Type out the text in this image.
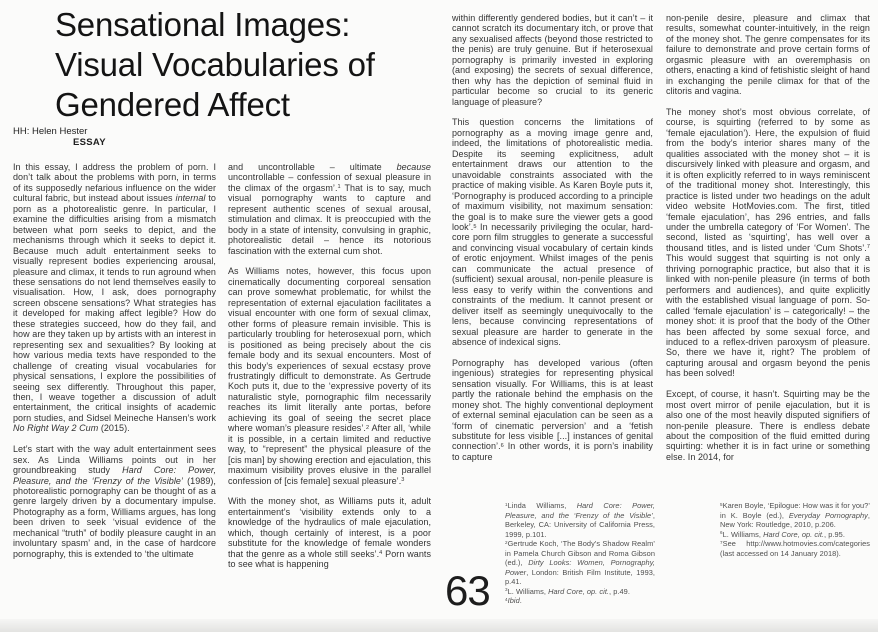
Sensational Images:
Visual Vocabularies of
Gendered Affect
HH: Helen Hester
ESSAY

In this essay, I address the problem of porn. I don’t talk about the problems with porn, in terms of its supposedly nefarious influence on the wider cultural fabric, but instead about issues internal to porn as a photorealistic genre. In particular, I examine the difficulties arising from a mismatch between what porn seeks to depict, and the mechanisms through which it seeks to depict it. Because much adult entertainment seeks to visually represent bodies experiencing arousal, pleasure and climax, it tends to run aground when these sensations do not lend themselves easily to visualisation. How, I ask, does pornography screen obscene sensations? What strategies has it developed for making affect legible? How do these strategies succeed, how do they fail, and how are they taken up by artists with an interest in representing sex and sexualities? By looking at how various media texts have responded to the challenge of creating visual vocabularies for physical sensations, I explore the possibilities of seeing sex differently. Throughout this paper, then, I weave together a discussion of adult entertainment, the critical insights of academic porn studies, and Sidsel Meineche Hansen’s work No Right Way 2 Cum (2015).

Let’s start with the way adult entertainment sees sex. As Linda Williams points out in her groundbreaking study Hard Core: Power, Pleasure, and the ‘Frenzy of the Visible’ (1989), photorealistic pornography can be thought of as a genre largely driven by a documentary impulse. Photography as a form, Williams argues, has long been driven to seek ‘visual evidence of the mechanical “truth” of bodily pleasure caught in an involuntary spasm’ and, in the case of hardcore pornography, this is extended to ‘the ultimate

and uncontrollable – ultimate because uncontrollable – confession of sexual pleasure in the climax of the orgasm’.$^1$ That is to say, much visual pornography wants to capture and represent authentic scenes of sexual arousal, stimulation and climax. It is preoccupied with the body in a state of intensity, convulsing in graphic, photorealistic detail – hence its notorious fascination with the external cum shot.

As Williams notes, however, this focus upon cinematically documenting corporeal sensation can prove somewhat problematic, for whilst the representation of external ejaculation facilitates a visual encounter with one form of sexual climax, other forms of pleasure remain invisible. This is particularly troubling for heterosexual porn, which is positioned as being precisely about the cis female body and its sexual encounters. Most of this body’s experiences of sexual ecstasy prove frustratingly difficult to demonstrate. As Gertrude Koch puts it, due to the ‘expressive poverty of its naturalistic style, pornographic film necessarily reaches its limit literally ante portas, before achieving its goal of seeing the secret place where woman’s pleasure resides’.$^2$ After all, ‘while it is possible, in a certain limited and reductive way, to “represent” the physical pleasure of the [cis man] by showing erection and ejaculation, this maximum visibility proves elusive in the parallel confession of [cis female] sexual pleasure’.$^3$

With the money shot, as Williams puts it, adult entertainment’s ‘visibility extends only to a knowledge of the hydraulics of male ejaculation, which, though certainly of interest, is a poor substitute for the knowledge of female wonders that the genre as a whole still seeks’.$^4$ Porn wants to see what is happening

within differently gendered bodies, but it can’t – it cannot scratch its documentary itch, or prove that any sexualised affects (beyond those restricted to the penis) are truly genuine. But if heterosexual pornography is primarily invested in exploring (and exposing) the secrets of sexual difference, then why has the depiction of seminal fluid in particular become so crucial to its generic language of pleasure?

This question concerns the limitations of pornography as a moving image genre and, indeed, the limitations of photorealistic media. Despite its seeming explicitness, adult entertainment draws our attention to the unavoidable constraints associated with the practice of making visible. As Karen Boyle puts it, ‘Pornography is produced according to a principle of maximum visibility, not maximum sensation: the goal is to make sure the viewer gets a good look’.$^5$ In necessarily privileging the ocular, hard-core porn film struggles to generate a successful and convincing visual vocabulary of certain kinds of erotic enjoyment. Whilst images of the penis can communicate the actual presence of (sufficient) sexual arousal, non-penile pleasure is less easy to verify within the conventions and constraints of the medium. It cannot present or deliver itself as seemingly unequivocally to the lens, because convincing representations of sexual pleasure are harder to generate in the absence of indexical signs.

Pornography has developed various (often ingenious) strategies for representing physical sensation visually. For Williams, this is at least partly the rationale behind the emphasis on the money shot. The highly conventional deployment of external seminal ejaculation can be seen as a ‘form of cinematic perversion’ and a ‘fetish substitute for less visible [...] instances of genital connection’.$^6$ In other words, it is porn’s inability to capture

non-penile desire, pleasure and climax that results, somewhat counter-intuitively, in the reign of the money shot. The genre compensates for its failure to demonstrate and prove certain forms of orgasmic pleasure with an overemphasis on others, enacting a kind of fetishistic sleight of hand in exchanging the penile climax for that of the clitoris and vagina.

The money shot’s most obvious correlate, of course, is squirting (referred to by some as ‘female ejaculation’). Here, the expulsion of fluid from the body’s interior shares many of the qualities associated with the money shot – it is discursively linked with pleasure and orgasm, and it is often explicitly referred to in ways reminiscent of the traditional money shot. Interestingly, this practice is listed under two headings on the adult video website HotMovies.com. The first, titled ‘female ejaculation’, has 296 entries, and falls under the umbrella category of ‘For Women’. The second, listed as ‘squirting’, has well over a thousand titles, and is listed under ‘Cum Shots’.$^7$ This would suggest that squirting is not only a thriving pornographic practice, but also that it is linked with non-penile pleasure (in terms of both performers and audiences), and quite explicitly with the established visual language of porn. So-called ‘female ejaculation’ is – categorically! – the money shot: it is proof that the body of the Other has been affected by some sexual force, and induced to a reflex-driven paroxysm of pleasure. So, there we have it, right? The problem of capturing arousal and orgasm beyond the penis has been solved!

Except, of course, it hasn’t. Squirting may be the most overt mirror of penile ejaculation, but it is also one of the most heavily disputed signifiers of non-penile pleasure. There is endless debate about the composition of the fluid emitted during squirting: whether it is in fact urine or something else. In 2014, for

$^1$Linda Williams, Hard Core: Power, Pleasure, and the ‘Frenzy of the Visible’, Berkeley, CA: University of California Press, 1999, p.101.

$^2$Gertrude Koch, ‘The Body’s Shadow Realm’ in Pamela Church Gibson and Roma Gibson (ed.), Dirty Looks: Women, Pornography, Power, London: British Film Institute, 1993, p.41.

$^3$L. Williams, Hard Core, op. cit., p.49.

$^4$Ibid.

$^5$Karen Boyle, ‘Epilogue: How was it for you?’ in K. Boyle (ed.), Everyday Pornography, New York: Routledge, 2010, p.206.

$^6$L. Williams, Hard Core, op. cit., p.95.

$^7$See http://www.hotmovies.com/categories (last accessed on 14 January 2018).

63
